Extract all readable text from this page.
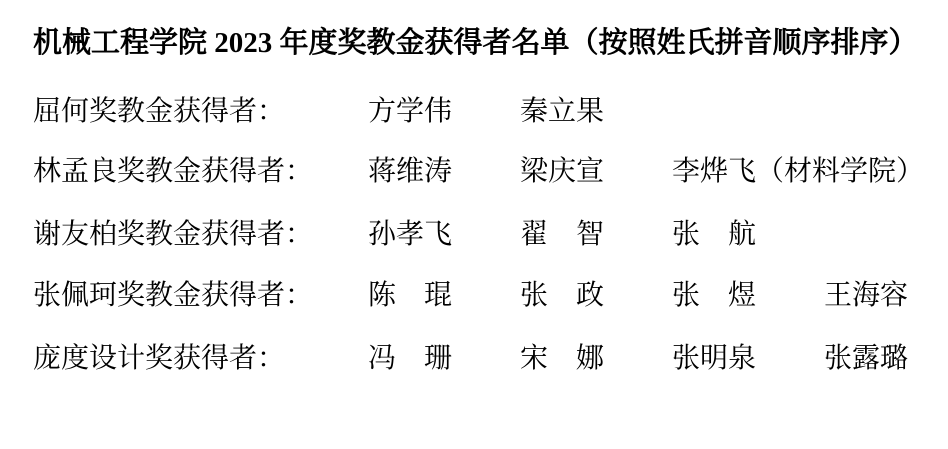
机械工程学院 2023 年度奖教金获得者名单（按照姓氏拼音顺序排序）
屈何奖教金获得者：	方学伟	秦立果
林孟良奖教金获得者：	蒋维涛	梁庆宣	李烨飞（材料学院）
谢友柏奖教金获得者：	孙孝飞	翟　智	张　航
张佩珂奖教金获得者：	陈　琨	张　政	张　煜	王海容
庞度设计奖获得者：	冯　珊	宋　娜	张明泉	张露璐
